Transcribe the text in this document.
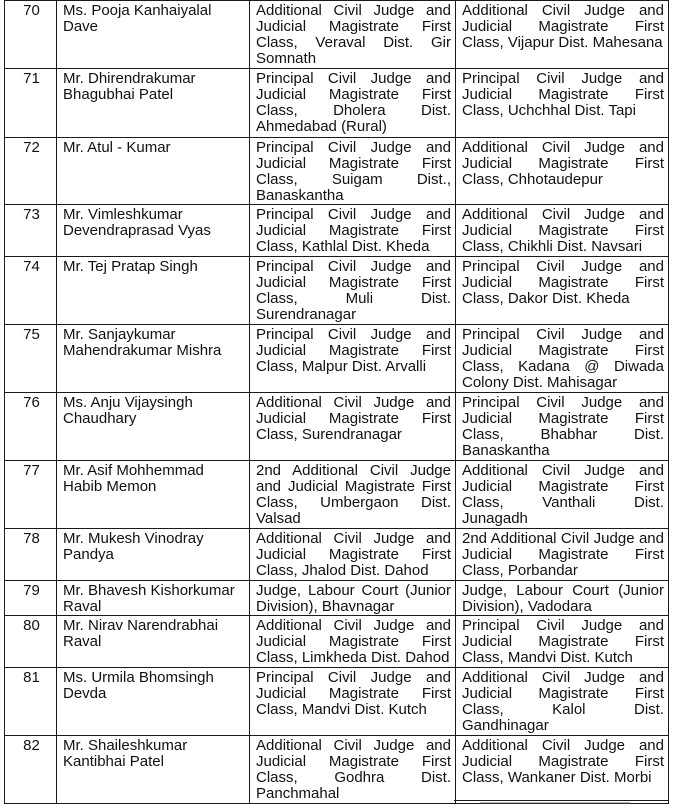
70	Ms. Pooja Kanhaiyalal Dave	Additional Civil Judge and Judicial Magistrate First Class, Veraval Dist. Gir Somnath	Additional Civil Judge and Judicial Magistrate First Class, Vijapur Dist. Mahesana
71	Mr. Dhirendrakumar Bhagubhai Patel	Principal Civil Judge and Judicial Magistrate First Class, Dholera Dist. Ahmedabad (Rural)	Principal Civil Judge and Judicial Magistrate First Class, Uchchhal Dist. Tapi
72	Mr. Atul - Kumar	Principal Civil Judge and Judicial Magistrate First Class, Suigam Dist., Banaskantha	Additional Civil Judge and Judicial Magistrate First Class, Chhotaudepur
73	Mr. Vimleshkumar Devendraprasad Vyas	Principal Civil Judge and Judicial Magistrate First Class, Kathlal Dist. Kheda	Additional Civil Judge and Judicial Magistrate First Class, Chikhli Dist. Navsari
74	Mr. Tej Pratap Singh	Principal Civil Judge and Judicial Magistrate First Class, Muli Dist. Surendranagar	Principal Civil Judge and Judicial Magistrate First Class, Dakor Dist. Kheda
75	Mr. Sanjaykumar Mahendrakumar Mishra	Principal Civil Judge and Judicial Magistrate First Class, Malpur Dist. Arvalli	Principal Civil Judge and Judicial Magistrate First Class, Kadana @ Diwada Colony Dist. Mahisagar
76	Ms. Anju Vijaysingh Chaudhary	Additional Civil Judge and Judicial Magistrate First Class, Surendranagar	Principal Civil Judge and Judicial Magistrate First Class, Bhabhar Dist. Banaskantha
77	Mr. Asif Mohhemmad Habib Memon	2nd Additional Civil Judge and Judicial Magistrate First Class, Umbergaon Dist. Valsad	Additional Civil Judge and Judicial Magistrate First Class, Vanthali Dist. Junagadh
78	Mr. Mukesh Vinodray Pandya	Additional Civil Judge and Judicial Magistrate First Class, Jhalod Dist. Dahod	2nd Additional Civil Judge and Judicial Magistrate First Class, Porbandar
79	Mr. Bhavesh Kishorkumar Raval	Judge, Labour Court (Junior Division), Bhavnagar	Judge, Labour Court (Junior Division), Vadodara
80	Mr. Nirav Narendrabhai Raval	Additional Civil Judge and Judicial Magistrate First Class, Limkheda Dist. Dahod	Principal Civil Judge and Judicial Magistrate First Class, Mandvi Dist. Kutch
81	Ms. Urmila Bhomsingh Devda	Principal Civil Judge and Judicial Magistrate First Class, Mandvi Dist. Kutch	Additional Civil Judge and Judicial Magistrate First Class, Kalol Dist. Gandhinagar
82	Mr. Shaileshkumar Kantibhai Patel	Additional Civil Judge and Judicial Magistrate First Class, Godhra Dist. Panchmahal	Additional Civil Judge and Judicial Magistrate First Class, Wankaner Dist. Morbi
